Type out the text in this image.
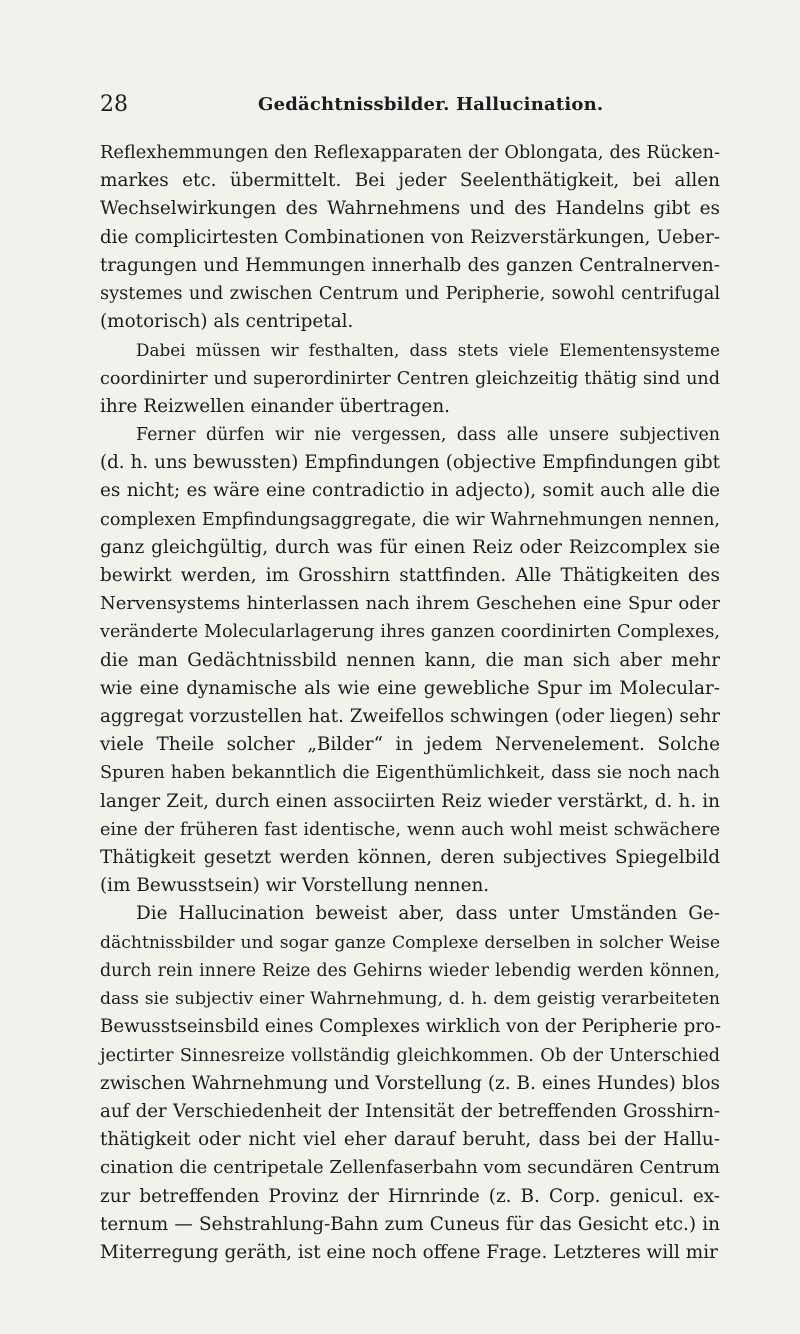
28	Gedächtnissbilder. Hallucination.

Reflexhemmungen den Reflexapparaten der Oblongata, des Rücken-
markes etc. übermittelt. Bei jeder Seelenthätigkeit, bei allen
Wechselwirkungen des Wahrnehmens und des Handelns gibt es
die complicirtesten Combinationen von Reizverstärkungen, Ueber-
tragungen und Hemmungen innerhalb des ganzen Centralnerven-
systemes und zwischen Centrum und Peripherie, sowohl centrifugal
(motorisch) als centripetal.

Dabei müssen wir festhalten, dass stets viele Elementensysteme
coordinirter und superordinirter Centren gleichzeitig thätig sind und
ihre Reizwellen einander übertragen.

Ferner dürfen wir nie vergessen, dass alle unsere subjectiven
(d. h. uns bewussten) Empfindungen (objective Empfindungen gibt
es nicht; es wäre eine contradictio in adjecto), somit auch alle die
complexen Empfindungsaggregate, die wir Wahrnehmungen nennen,
ganz gleichgültig, durch was für einen Reiz oder Reizcomplex sie
bewirkt werden, im Grosshirn stattfinden. Alle Thätigkeiten des
Nervensystems hinterlassen nach ihrem Geschehen eine Spur oder
veränderte Molecularlagerung ihres ganzen coordinirten Complexes,
die man Gedächtnissbild nennen kann, die man sich aber mehr
wie eine dynamische als wie eine gewebliche Spur im Molecular-
aggregat vorzustellen hat. Zweifellos schwingen (oder liegen) sehr
viele Theile solcher „Bilder“ in jedem Nervenelement. Solche
Spuren haben bekanntlich die Eigenthümlichkeit, dass sie noch nach
langer Zeit, durch einen associirten Reiz wieder verstärkt, d. h. in
eine der früheren fast identische, wenn auch wohl meist schwächere
Thätigkeit gesetzt werden können, deren subjectives Spiegelbild
(im Bewusstsein) wir Vorstellung nennen.

Die Hallucination beweist aber, dass unter Umständen Ge-
dächtnissbilder und sogar ganze Complexe derselben in solcher Weise
durch rein innere Reize des Gehirns wieder lebendig werden können,
dass sie subjectiv einer Wahrnehmung, d. h. dem geistig verarbeiteten
Bewusstseinsbild eines Complexes wirklich von der Peripherie pro-
jectirter Sinnesreize vollständig gleichkommen. Ob der Unterschied
zwischen Wahrnehmung und Vorstellung (z. B. eines Hundes) blos
auf der Verschiedenheit der Intensität der betreffenden Grosshirn-
thätigkeit oder nicht viel eher darauf beruht, dass bei der Hallu-
cination die centripetale Zellenfaserbahn vom secundären Centrum
zur betreffenden Provinz der Hirnrinde (z. B. Corp. genicul. ex-
ternum — Sehstrahlung-Bahn zum Cuneus für das Gesicht etc.) in
Miterregung geräth, ist eine noch offene Frage. Letzteres will mir
